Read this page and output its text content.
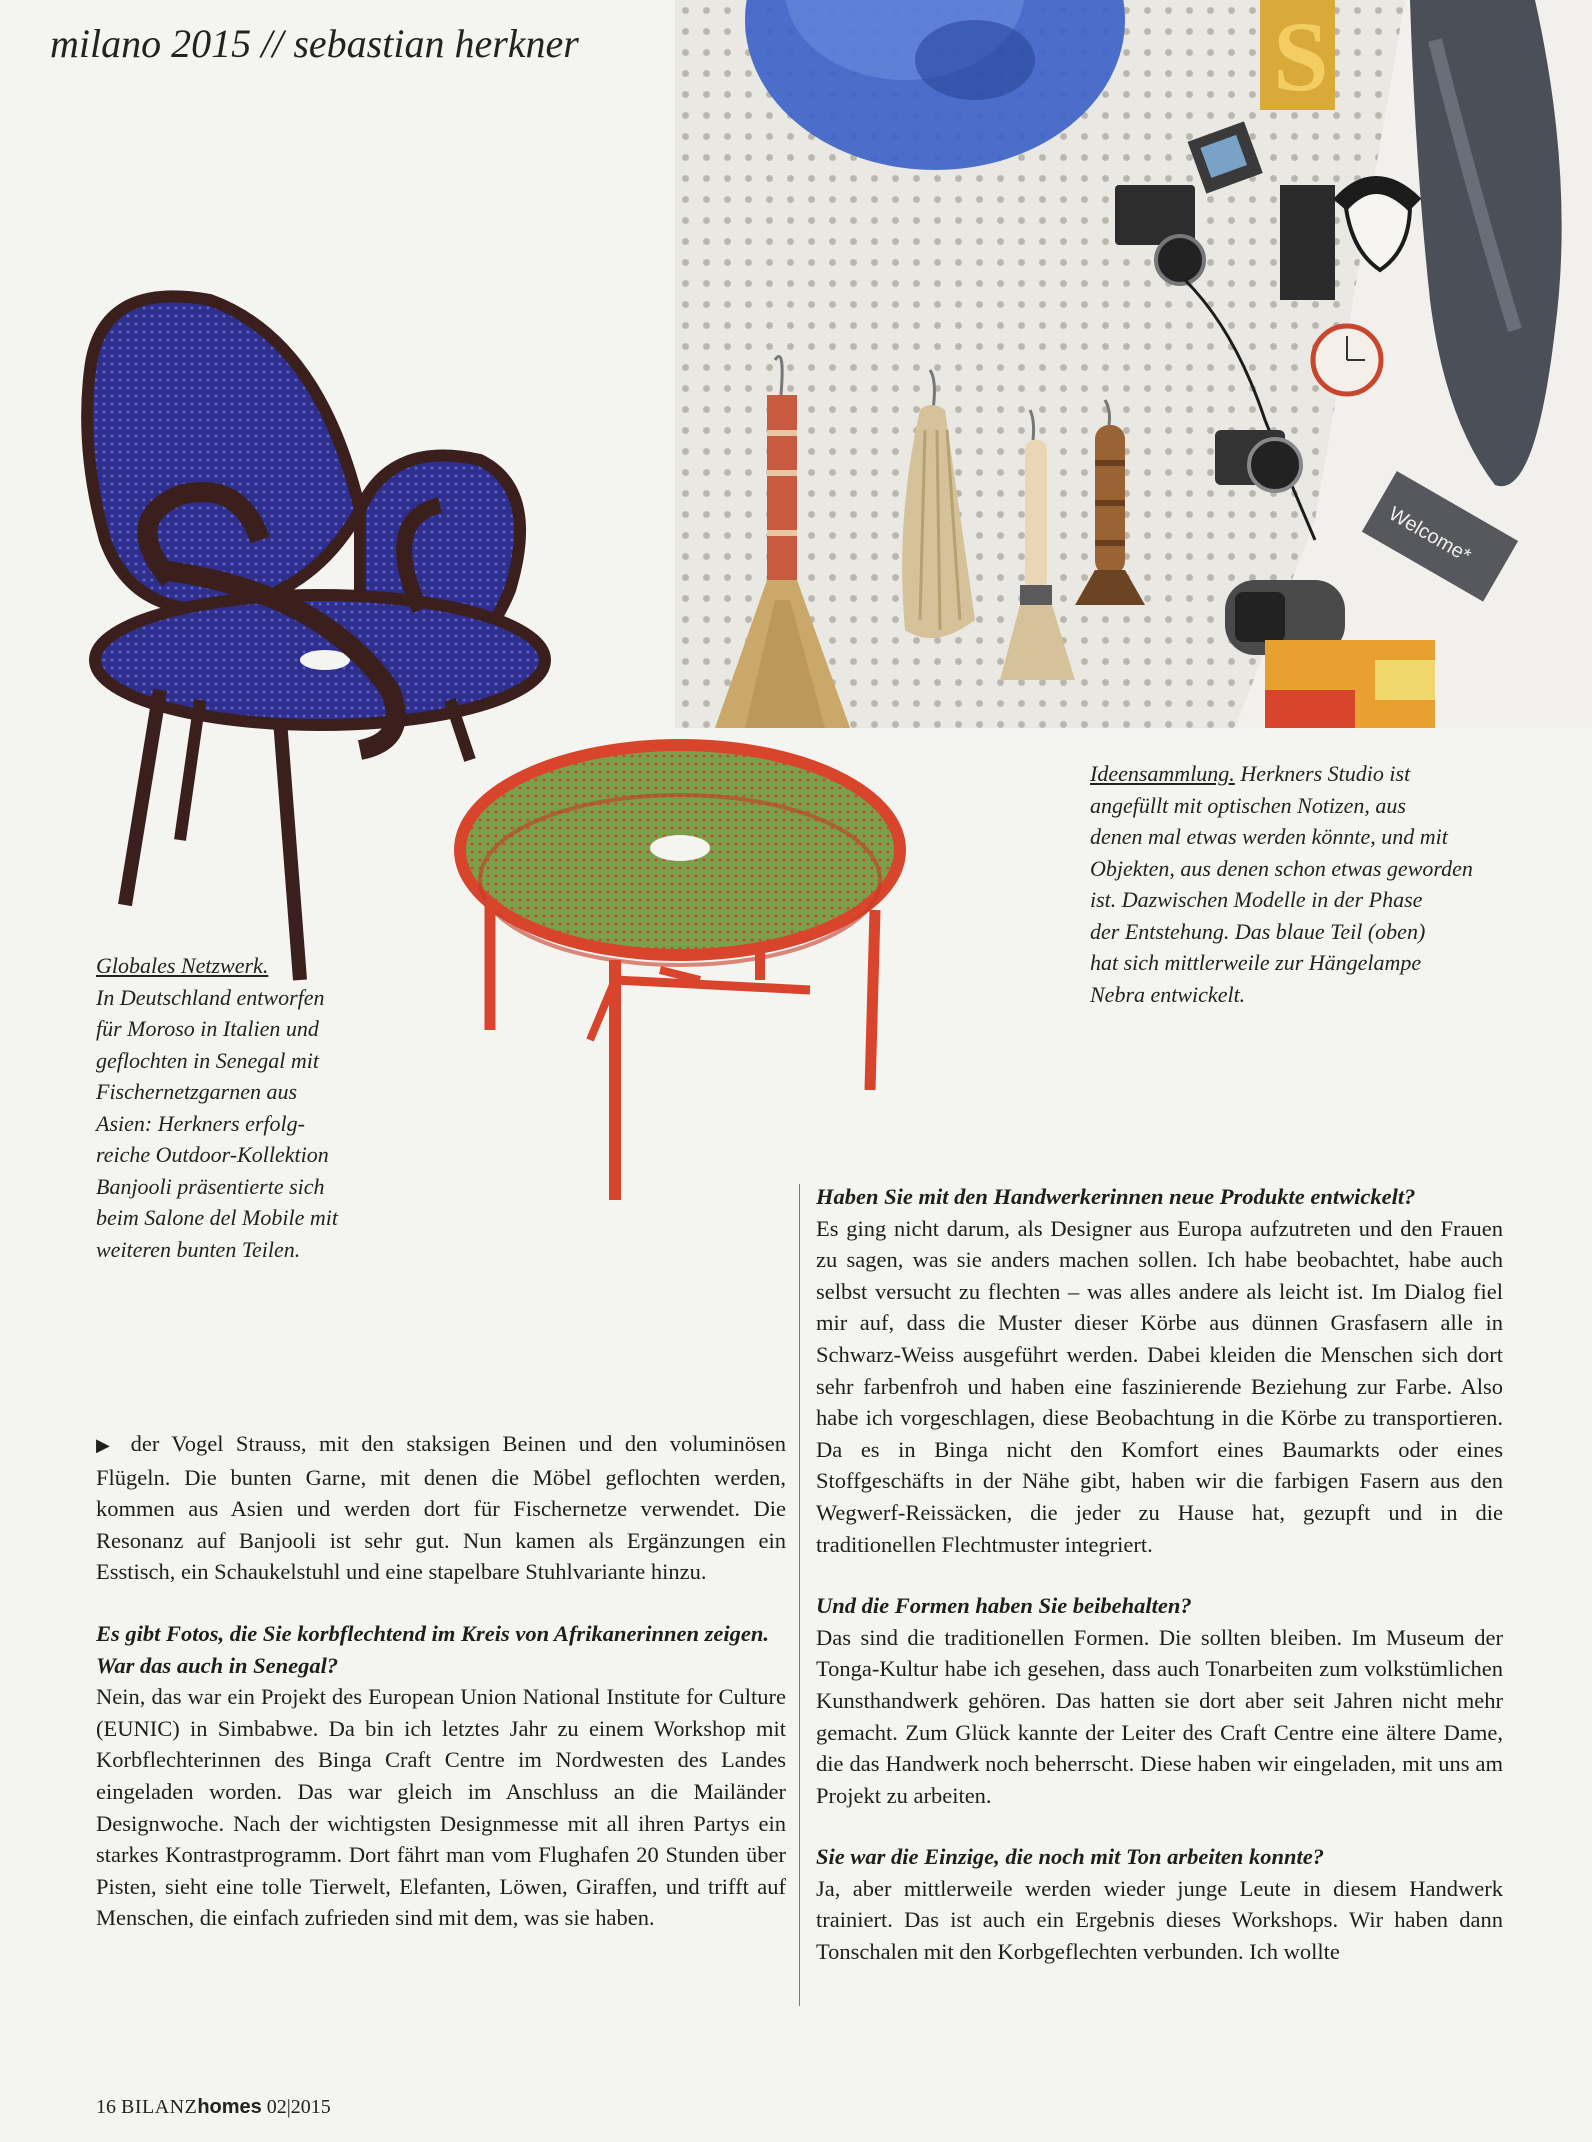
milano 2015 // sebastian herkner	S
Welcome*
Globales Netzwerk.
In Deutschland entworfen
für Moroso in Italien und
geflochten in Senegal mit
Fischernetzgarnen aus
Asien: Herkners erfolg-
reiche Outdoor-Kollektion
Banjooli präsentierte sich
beim Salone del Mobile mit
weiteren bunten Teilen.
Ideensammlung. Herkners Studio ist
angefüllt mit optischen Notizen, aus
denen mal etwas werden könnte, und mit
Objekten, aus denen schon etwas geworden
ist. Dazwischen Modelle in der Phase
der Entstehung. Das blaue Teil (oben)
hat sich mittlerweile zur Hängelampe
Nebra entwickelt.

▶ der Vogel Strauss, mit den staksigen Beinen und den voluminösen Flügeln. Die bunten Garne, mit denen die Möbel geflochten werden, kommen aus Asien und werden dort für Fischernetze verwendet. Die Resonanz auf Banjooli ist sehr gut. Nun kamen als Ergänzungen ein Esstisch, ein Schaukelstuhl und eine stapelbare Stuhlvariante hinzu.

Es gibt Fotos, die Sie korbflechtend im Kreis von Afrikanerinnen zeigen. War das auch in Senegal?

Nein, das war ein Projekt des European Union National Institute for Culture (EUNIC) in Simbabwe. Da bin ich letztes Jahr zu einem Workshop mit Korbflechterinnen des Binga Craft Centre im Nordwesten des Landes eingeladen worden. Das war gleich im Anschluss an die Mailänder Designwoche. Nach der wichtigsten Designmesse mit all ihren Partys ein starkes Kontrastprogramm. Dort fährt man vom Flughafen 20 Stunden über Pisten, sieht eine tolle Tierwelt, Elefanten, Löwen, Giraffen, und trifft auf Menschen, die einfach zufrieden sind mit dem, was sie haben.

Haben Sie mit den Handwerkerinnen neue Produkte entwickelt?

Es ging nicht darum, als Designer aus Europa aufzutreten und den Frauen zu sagen, was sie anders machen sollen. Ich habe beobachtet, habe auch selbst versucht zu flechten – was alles andere als leicht ist. Im Dialog fiel mir auf, dass die Muster dieser Körbe aus dünnen Grasfasern alle in Schwarz-Weiss ausgeführt werden. Dabei kleiden die Menschen sich dort sehr farbenfroh und haben eine faszinierende Beziehung zur Farbe. Also habe ich vorgeschlagen, diese Beobachtung in die Körbe zu transportieren. Da es in Binga nicht den Komfort eines Baumarkts oder eines Stoffgeschäfts in der Nähe gibt, haben wir die farbigen Fasern aus den Wegwerf-Reissäcken, die jeder zu Hause hat, gezupft und in die traditionellen Flechtmuster integriert.

Und die Formen haben Sie beibehalten?

Das sind die traditionellen Formen. Die sollten bleiben. Im Museum der Tonga-Kultur habe ich gesehen, dass auch Tonarbeiten zum volkstümlichen Kunsthandwerk gehören. Das hatten sie dort aber seit Jahren nicht mehr gemacht. Zum Glück kannte der Leiter des Craft Centre eine ältere Dame, die das Handwerk noch beherrscht. Diese haben wir eingeladen, mit uns am Projekt zu arbeiten.

Sie war die Einzige, die noch mit Ton arbeiten konnte?

Ja, aber mittlerweile werden wieder junge Leute in diesem Handwerk trainiert. Das ist auch ein Ergebnis dieses Workshops. Wir haben dann Tonschalen mit den Korbgeflechten verbunden. Ich wollte

16 BILANZhomes 02|2015
